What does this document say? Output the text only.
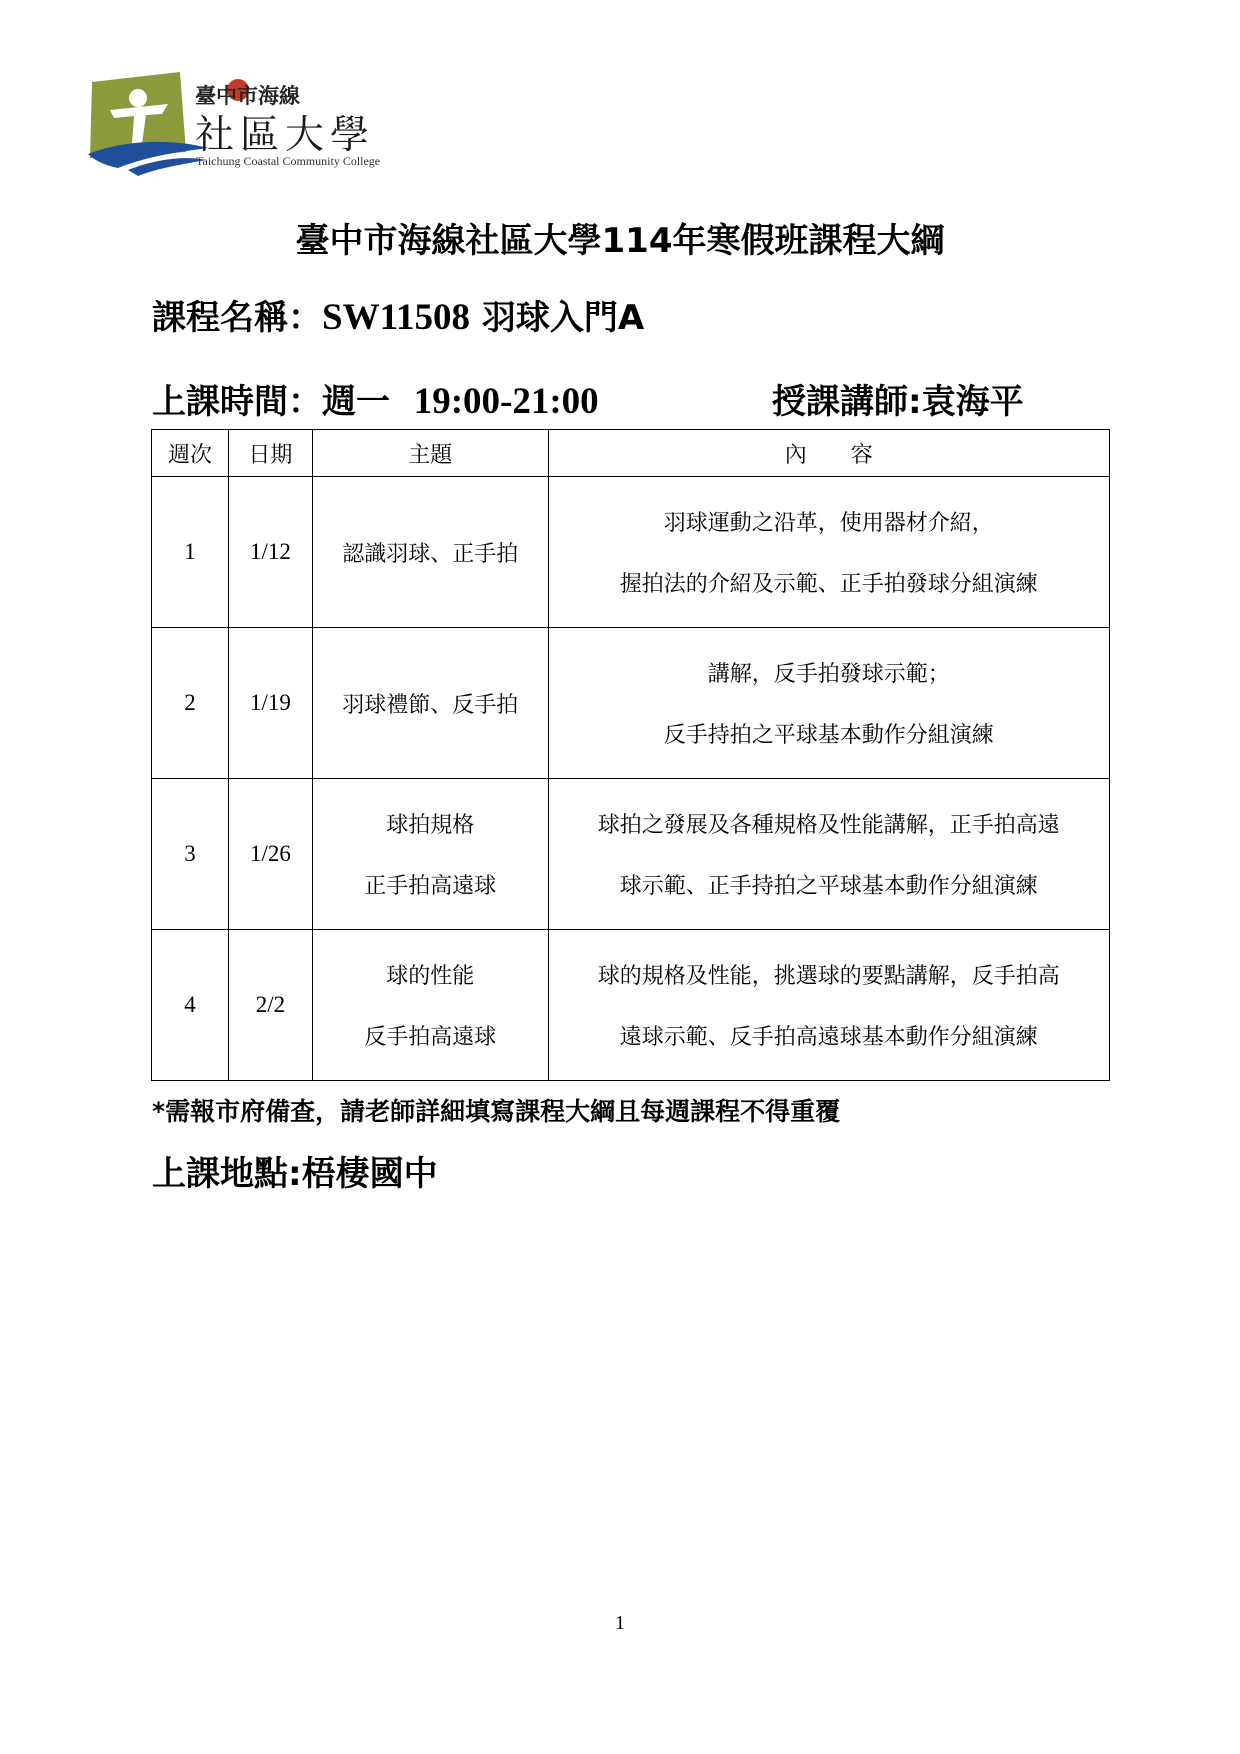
臺中市海線
社區大學
Taichung Coastal Community College
臺中市海線社區大學114年寒假班課程大綱
課程名稱：SW11508 羽球入門A
上課時間：週一 19:00-21:00	授課講師:袁海平
週次	日期	主題	內　　容
1	1/12	認識羽球、正手拍	羽球運動之沿革，使用器材介紹，
握拍法的介紹及示範、正手拍發球分組演練

2	1/19	羽球禮節、反手拍	講解，反手拍發球示範；
反手持拍之平球基本動作分組演練

3	1/26	球拍規格
正手拍高遠球	球拍之發展及各種規格及性能講解，正手拍高遠
球示範、正手持拍之平球基本動作分組演練

4	2/2	球的性能
反手拍高遠球	球的規格及性能，挑選球的要點講解，反手拍高
遠球示範、反手拍高遠球基本動作分組演練
*需報市府備查，請老師詳細填寫課程大綱且每週課程不得重覆
上課地點:梧棲國中
1
